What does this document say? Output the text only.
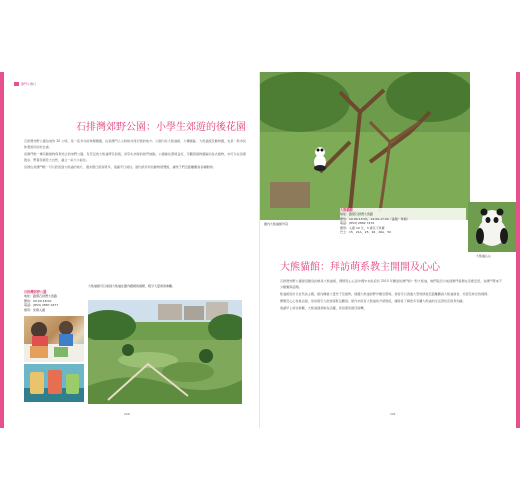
澳門小旅行
石排灣郊野公園：小學生郊遊的後花園

石排灣郊野公園佔地約 20 公頃，是一座多功能休閒樂園，也是澳門人小時候共同記憶的地方。公園內有大熊貓館、大樓園區、大熊貓館及動物園，也是一般市民休憩遊玩的好去處。

是澳門唯一擁有動植物保育結合的郊野公園，有充足的大熊貓研究設施，是學生郊遊的熱門地點。公園綠化環境良好，可觀賞植物園區的各式植物，亦可以在這裡散步、野餐及親近大自然，適合一家大小前往。

這裡也是澳門唯一可以欣賞到大熊貓的地方，週末假日遊客眾多，建議平日前往。園內設有特色動物展覽館，讓孩子們近距離觀察各種動物。

石排灣郊野公園
地址：路環石排灣大馬路
開放：09:00-18:00
電話：(853) 2887 0277
費用：免費入園
大熊貓館可以看到大熊貓在園內嬉戲的模樣，吸引大量遊客參觀。
120
園內大熊貓館外景
大熊貓館
地址：路環石排灣大馬路
開放：10:00-13:00，14:00-17:00（逢週一休館）
電話：(853) 2882 7476
費用：入館 10 元，3 歲以下免費
巴士：15、21A、25、26、26A、50
大熊貓心心
大熊貓館：拜訪萌系教主開開及心心

石排灣郊野公園最受歡迎的就是大熊貓館，開開及心心是中國中央政府於 2010 年贈送給澳門的一對大熊貓，牠們從四川來到澳門後便在這裡安居，為澳門帶來不少歡樂與話題。

熊貓館設計以自然為主題，館內種植大量竹子及植物，模擬大熊貓的野外棲息環境。遊客可以透過大型玻璃窗近距離觀看大熊貓進食、玩耍及休息的模樣。

開開及心心性格活潑，常常吸引大批遊客駐足觀賞。館內亦設有大熊貓的介紹展板，讓遊客了解更多有關大熊貓的生活習性及保育知識。

建議早上前往參觀，大熊貓通常較為活躍，是拍照的最佳時機。

121
